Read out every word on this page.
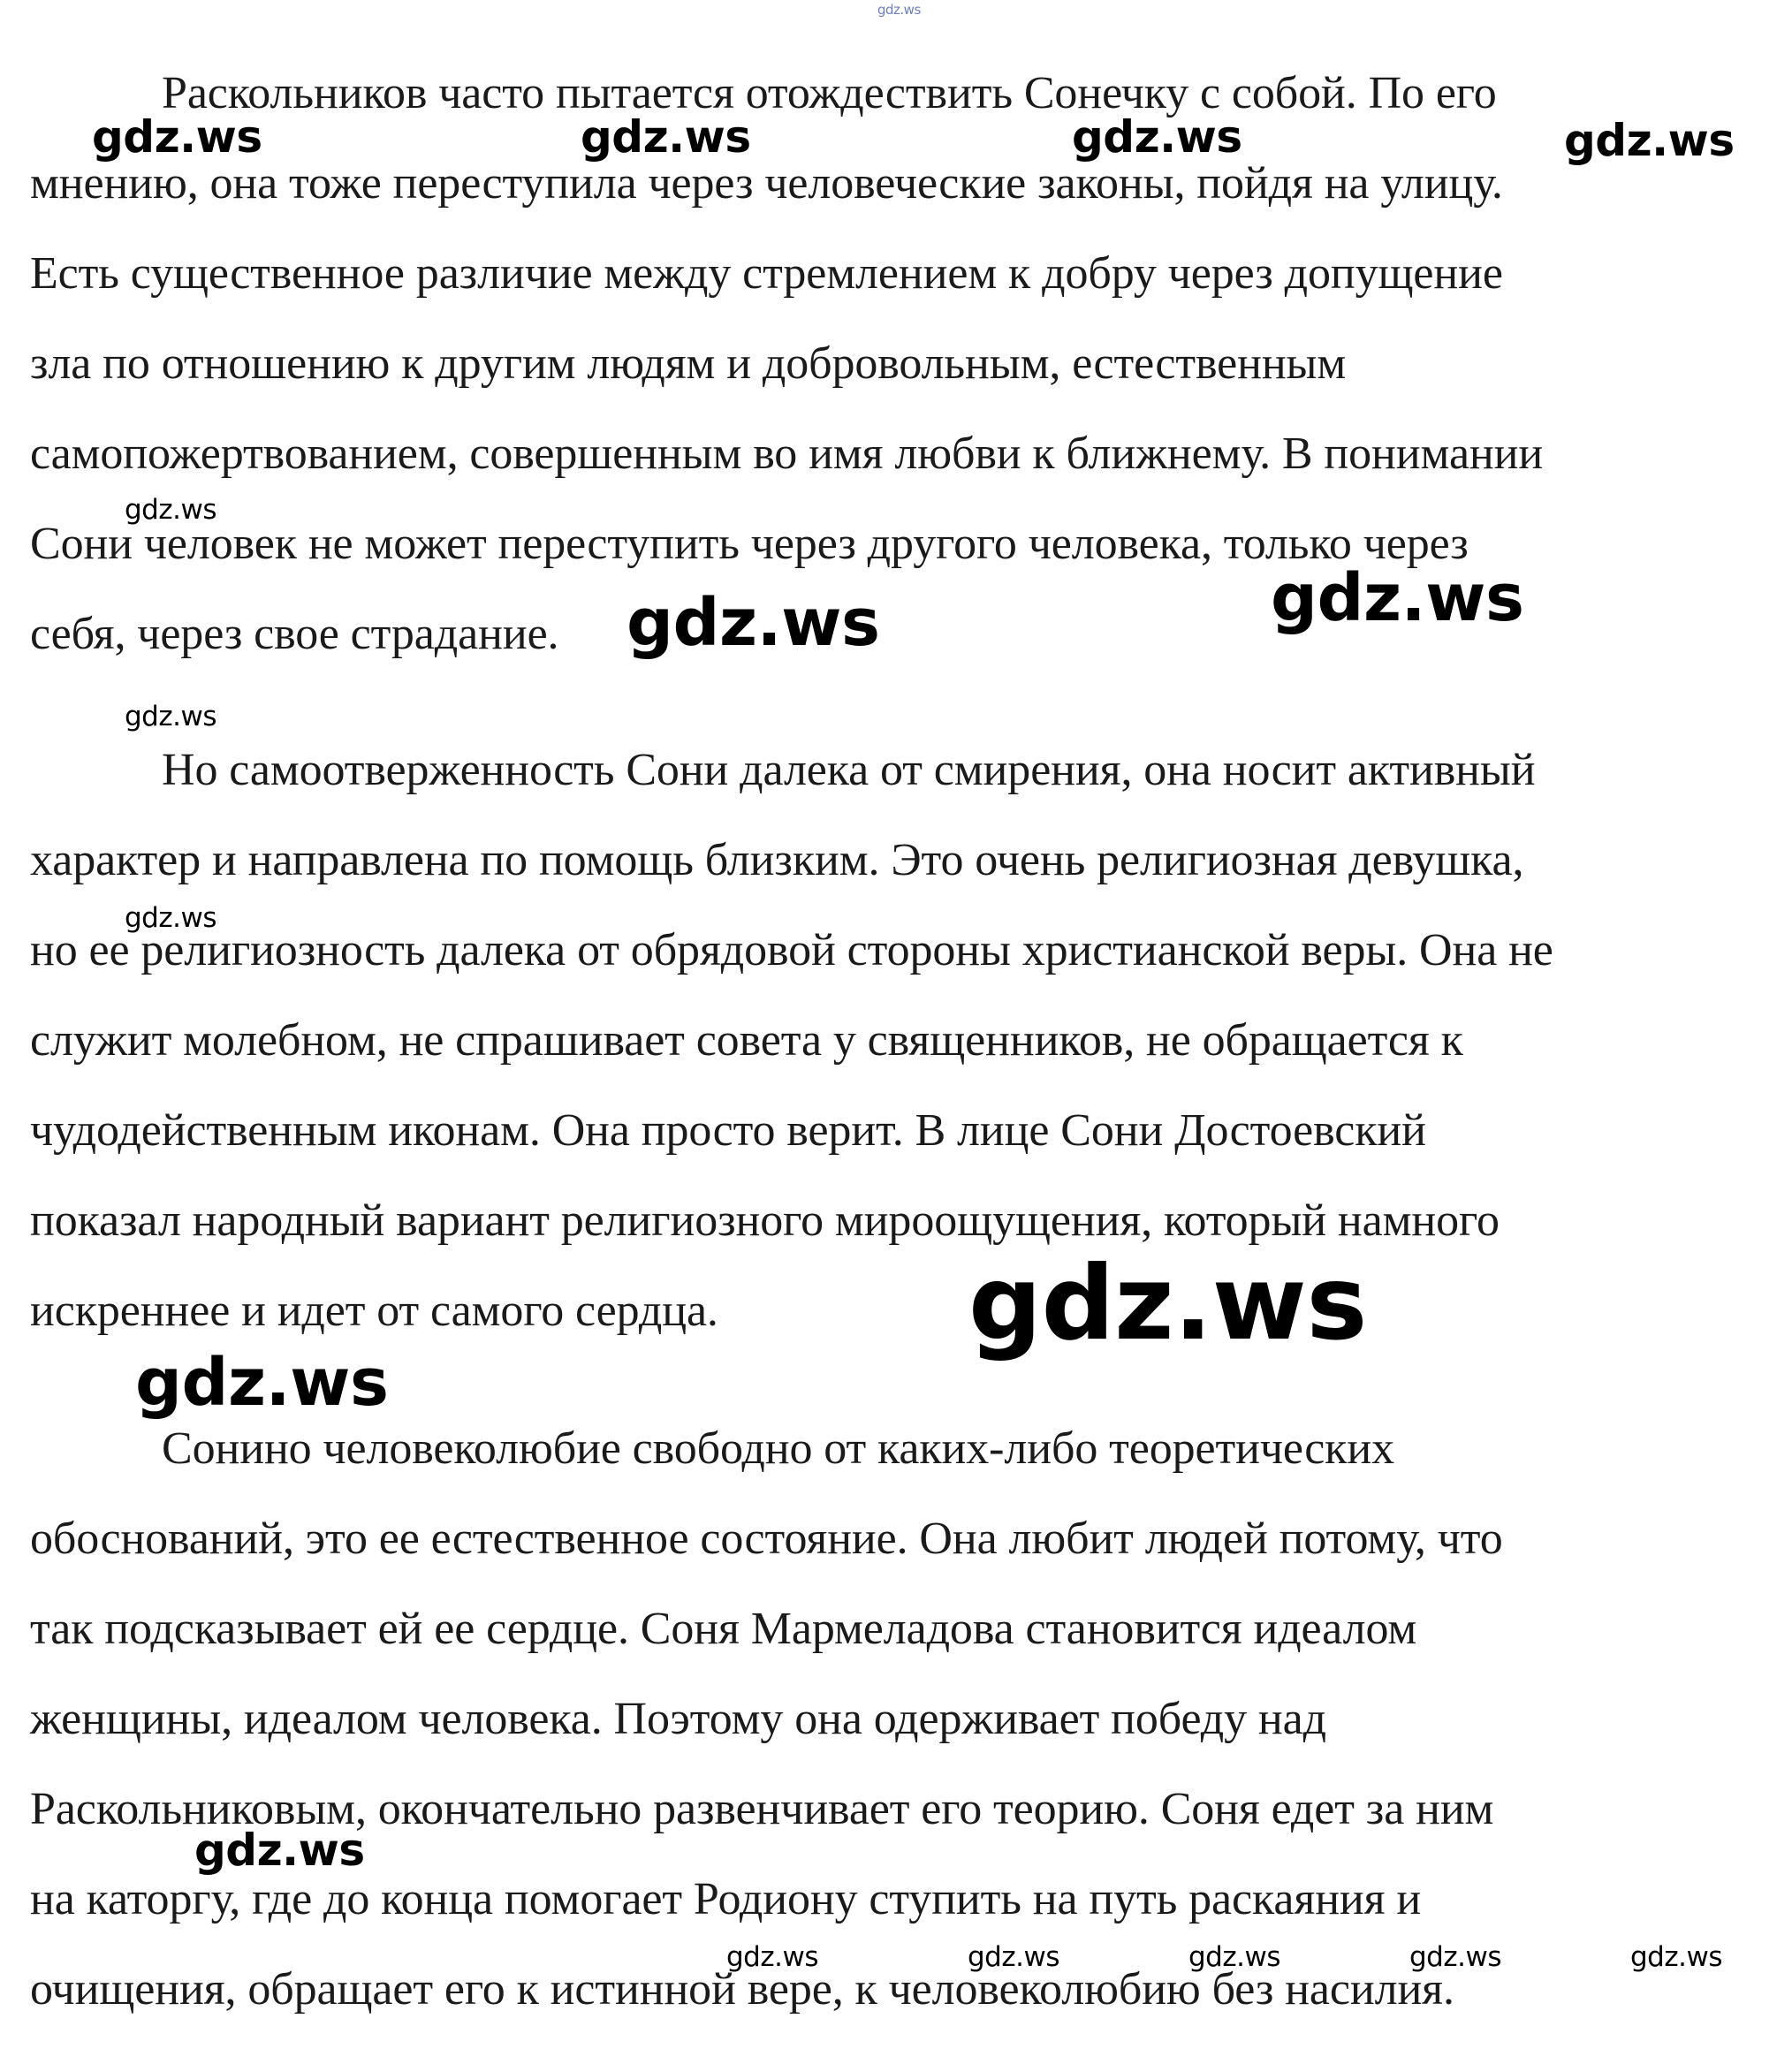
Раскольников часто пытается отождествить Сонечку с собой. По его

мнению, она тоже переступила через человеческие законы, пойдя на улицу.

Есть существенное различие между стремлением к добру через допущение

зла по отношению к другим людям и добровольным, естественным

самопожертвованием, совершенным во имя любви к ближнему. В понимании

Сони человек не может переступить через другого человека, только через

себя, через свое страдание.

Но самоотверженность Сони далека от смирения, она носит активный

характер и направлена по помощь близким. Это очень религиозная девушка,

но ее религиозность далека от обрядовой стороны христианской веры. Она не

служит молебном, не спрашивает совета у священников, не обращается к

чудодейственным иконам. Она просто верит. В лице Сони Достоевский

показал народный вариант религиозного мироощущения, который намного

искреннее и идет от самого сердца.

Сонино человеколюбие свободно от каких-либо теоретических

обоснований, это ее естественное состояние. Она любит людей потому, что

так подсказывает ей ее сердце. Соня Мармеладова становится идеалом

женщины, идеалом человека. Поэтому она одерживает победу над

Раскольниковым, окончательно развенчивает его теорию. Соня едет за ним

на каторгу, где до конца помогает Родиону ступить на путь раскаяния и

очищения, обращает его к истинной вере, к человеколюбию без насилия.

gdz.ws
gdz.ws	gdz.ws	gdz.ws	gdz.ws
gdz.ws
gdz.ws
gdz.ws
gdz.ws
gdz.ws
gdz.ws
gdz.ws
gdz.ws
gdz.ws	gdz.ws	gdz.ws	gdz.ws	gdz.ws
